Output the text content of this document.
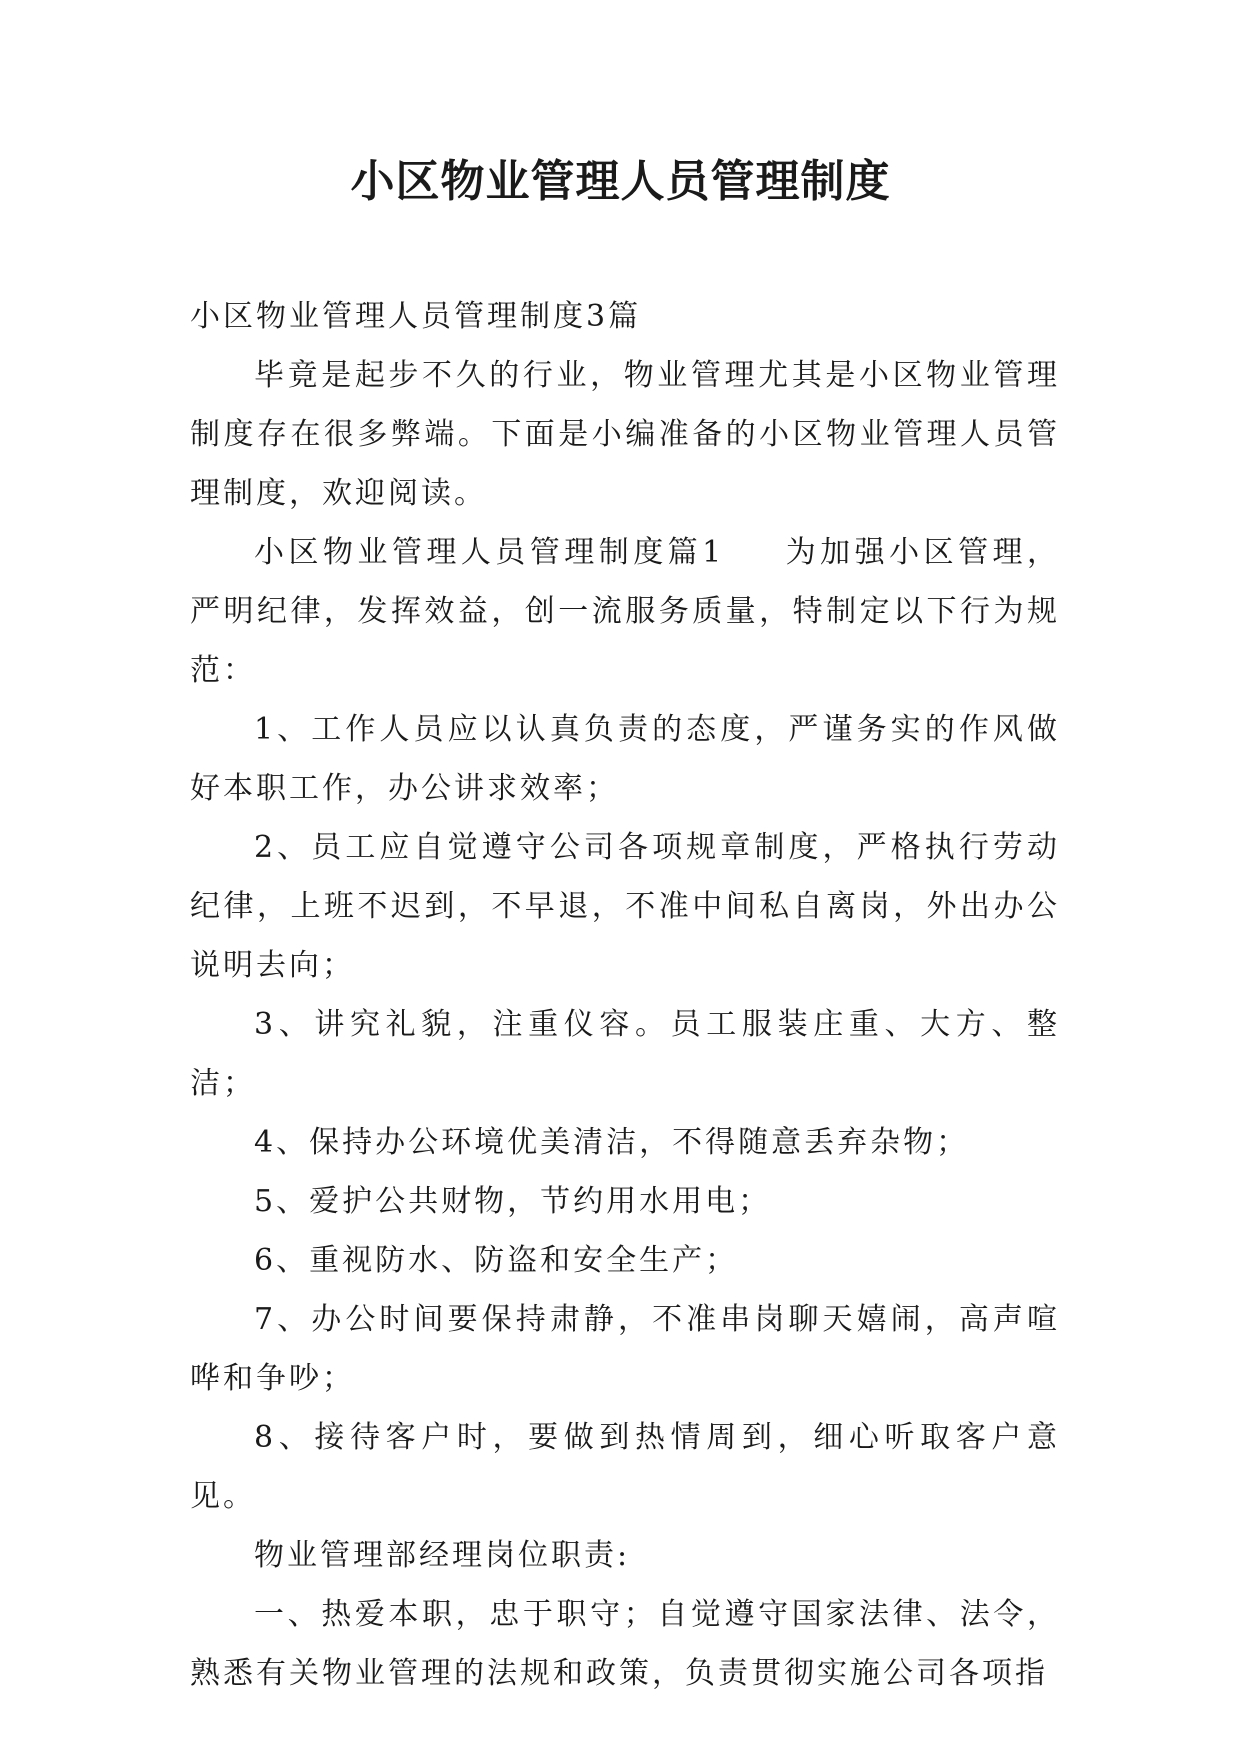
小区物业管理人员管理制度

小区物业管理人员管理制度3篇

毕竟是起步不久的行业，物业管理尤其是小区物业管理制度存在很多弊端。下面是小编准备的小区物业管理人员管理制度，欢迎阅读。

小区物业管理人员管理制度篇1 为加强小区管理，严明纪律，发挥效益，创一流服务质量，特制定以下行为规范：

1、工作人员应以认真负责的态度，严谨务实的作风做好本职工作，办公讲求效率；

2、员工应自觉遵守公司各项规章制度，严格执行劳动纪律，上班不迟到，不早退，不准中间私自离岗，外出办公说明去向；

3、讲究礼貌，注重仪容。员工服装庄重、大方、整洁；

4、保持办公环境优美清洁，不得随意丢弃杂物；

5、爱护公共财物，节约用水用电；

6、重视防水、防盗和安全生产；

7、办公时间要保持肃静，不准串岗聊天嬉闹，高声喧哗和争吵；

8、接待客户时，要做到热情周到，细心听取客户意见。

物业管理部经理岗位职责:

一、热爱本职，忠于职守；自觉遵守国家法律、法令，熟悉有关物业管理的法规和政策，负责贯彻实施公司各项指
